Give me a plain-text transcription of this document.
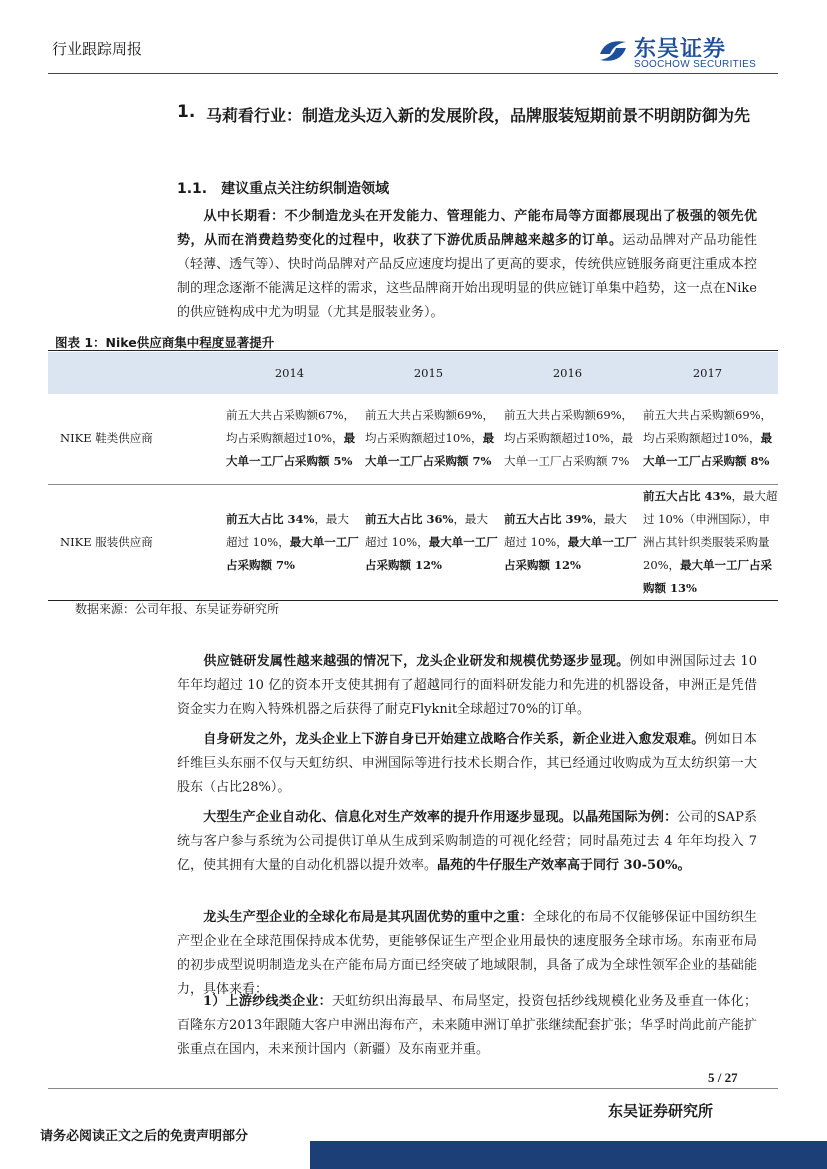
行业跟踪周报	东吴证券
SOOCHOW SECURITIES
1. 马莉看行业：制造龙头迈入新的发展阶段，品牌服装短期前景不明朗防御为先
1.1. 建议重点关注纺织制造领域
  从中长期看：不少制造龙头在开发能力、管理能力、产能布局等方面都展现出了极强的领先优势，从而在消费趋势变化的过程中，收获了下游优质品牌越来越多的订单。运动品牌对产品功能性（轻薄、透气等）、快时尚品牌对产品反应速度均提出了更高的要求，传统供应链服务商更注重成本控制的理念逐渐不能满足这样的需求，这些品牌商开始出现明显的供应链订单集中趋势，这一点在Nike的供应链构成中尤为明显（尤其是服装业务）。
图表 1：Nike供应商集中程度显著提升
	2014	2015	2016	2017
NIKE 鞋类供应商	前五大共占采购额67%，均占采购额超过10%，最大单一工厂占采购额 5%	前五大共占采购额69%，均占采购额超过10%，最大单一工厂占采购额 7%	前五大共占采购额69%，均占采购额超过10%，最大单一工厂占采购额 7%	前五大共占采购额69%，均占采购额超过10%，最大单一工厂占采购额 8%
NIKE 服装供应商	前五大占比 34%，最大超过 10%，最大单一工厂占采购额 7%	前五大占比 36%，最大超过 10%，最大单一工厂占采购额 12%	前五大占比 39%，最大超过 10%，最大单一工厂占采购额 12%	前五大占比 43%，最大超过 10%（申洲国际），申洲占其针织类服装采购量 20%，最大单一工厂占采购额 13%
数据来源：公司年报、东吴证券研究所
  供应链研发属性越来越强的情况下，龙头企业研发和规模优势逐步显现。例如申洲国际过去 10 年年均超过 10 亿的资本开支使其拥有了超越同行的面料研发能力和先进的机器设备，申洲正是凭借资金实力在购入特殊机器之后获得了耐克Flyknit全球超过70%的订单。
  自身研发之外，龙头企业上下游自身已开始建立战略合作关系，新企业进入愈发艰难。例如日本纤维巨头东丽不仅与天虹纺织、申洲国际等进行技术长期合作，其已经通过收购成为互太纺织第一大股东（占比28%）。
  大型生产企业自动化、信息化对生产效率的提升作用逐步显现。以晶苑国际为例：公司的SAP系统与客户参与系统为公司提供订单从生成到采购制造的可视化经营；同时晶苑过去 4 年年均投入 7 亿，使其拥有大量的自动化机器以提升效率。晶苑的牛仔服生产效率高于同行 30-50%。
  龙头生产型企业的全球化布局是其巩固优势的重中之重：全球化的布局不仅能够保证中国纺织生产型企业在全球范围保持成本优势，更能够保证生产型企业用最快的速度服务全球市场。东南亚布局的初步成型说明制造龙头在产能布局方面已经突破了地域限制，具备了成为全球性领军企业的基础能力，具体来看：
  1）上游纱线类企业：天虹纺织出海最早、布局坚定，投资包括纱线规模化业务及垂直一体化；百隆东方2013年跟随大客户申洲出海布产，未来随申洲订单扩张继续配套扩张；华孚时尚此前产能扩张重点在国内，未来预计国内（新疆）及东南亚并重。
5 / 27
东吴证券研究所
请务必阅读正文之后的免责声明部分
